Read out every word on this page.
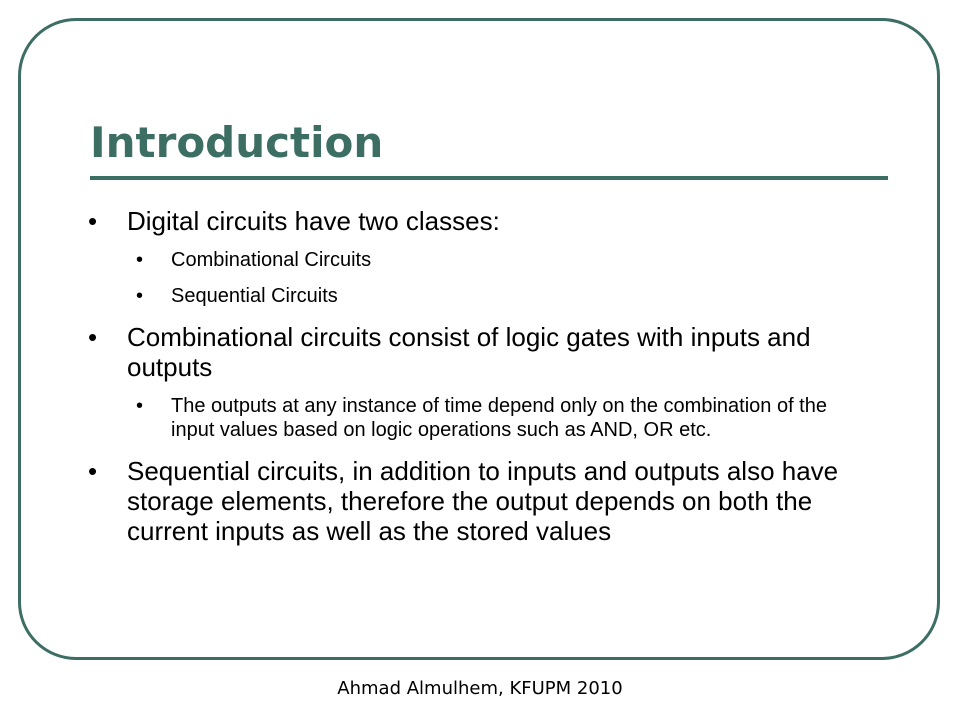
Introduction

• Digital circuits have two classes:

• Combinational Circuits

• Sequential Circuits

• Combinational circuits consist of logic gates with inputs and outputs

• The outputs at any instance of time depend only on the combination of the input values based on logic operations such as AND, OR etc.

• Sequential circuits, in addition to inputs and outputs also have storage elements, therefore the output depends on both the current inputs as well as the stored values

Ahmad Almulhem, KFUPM 2010
